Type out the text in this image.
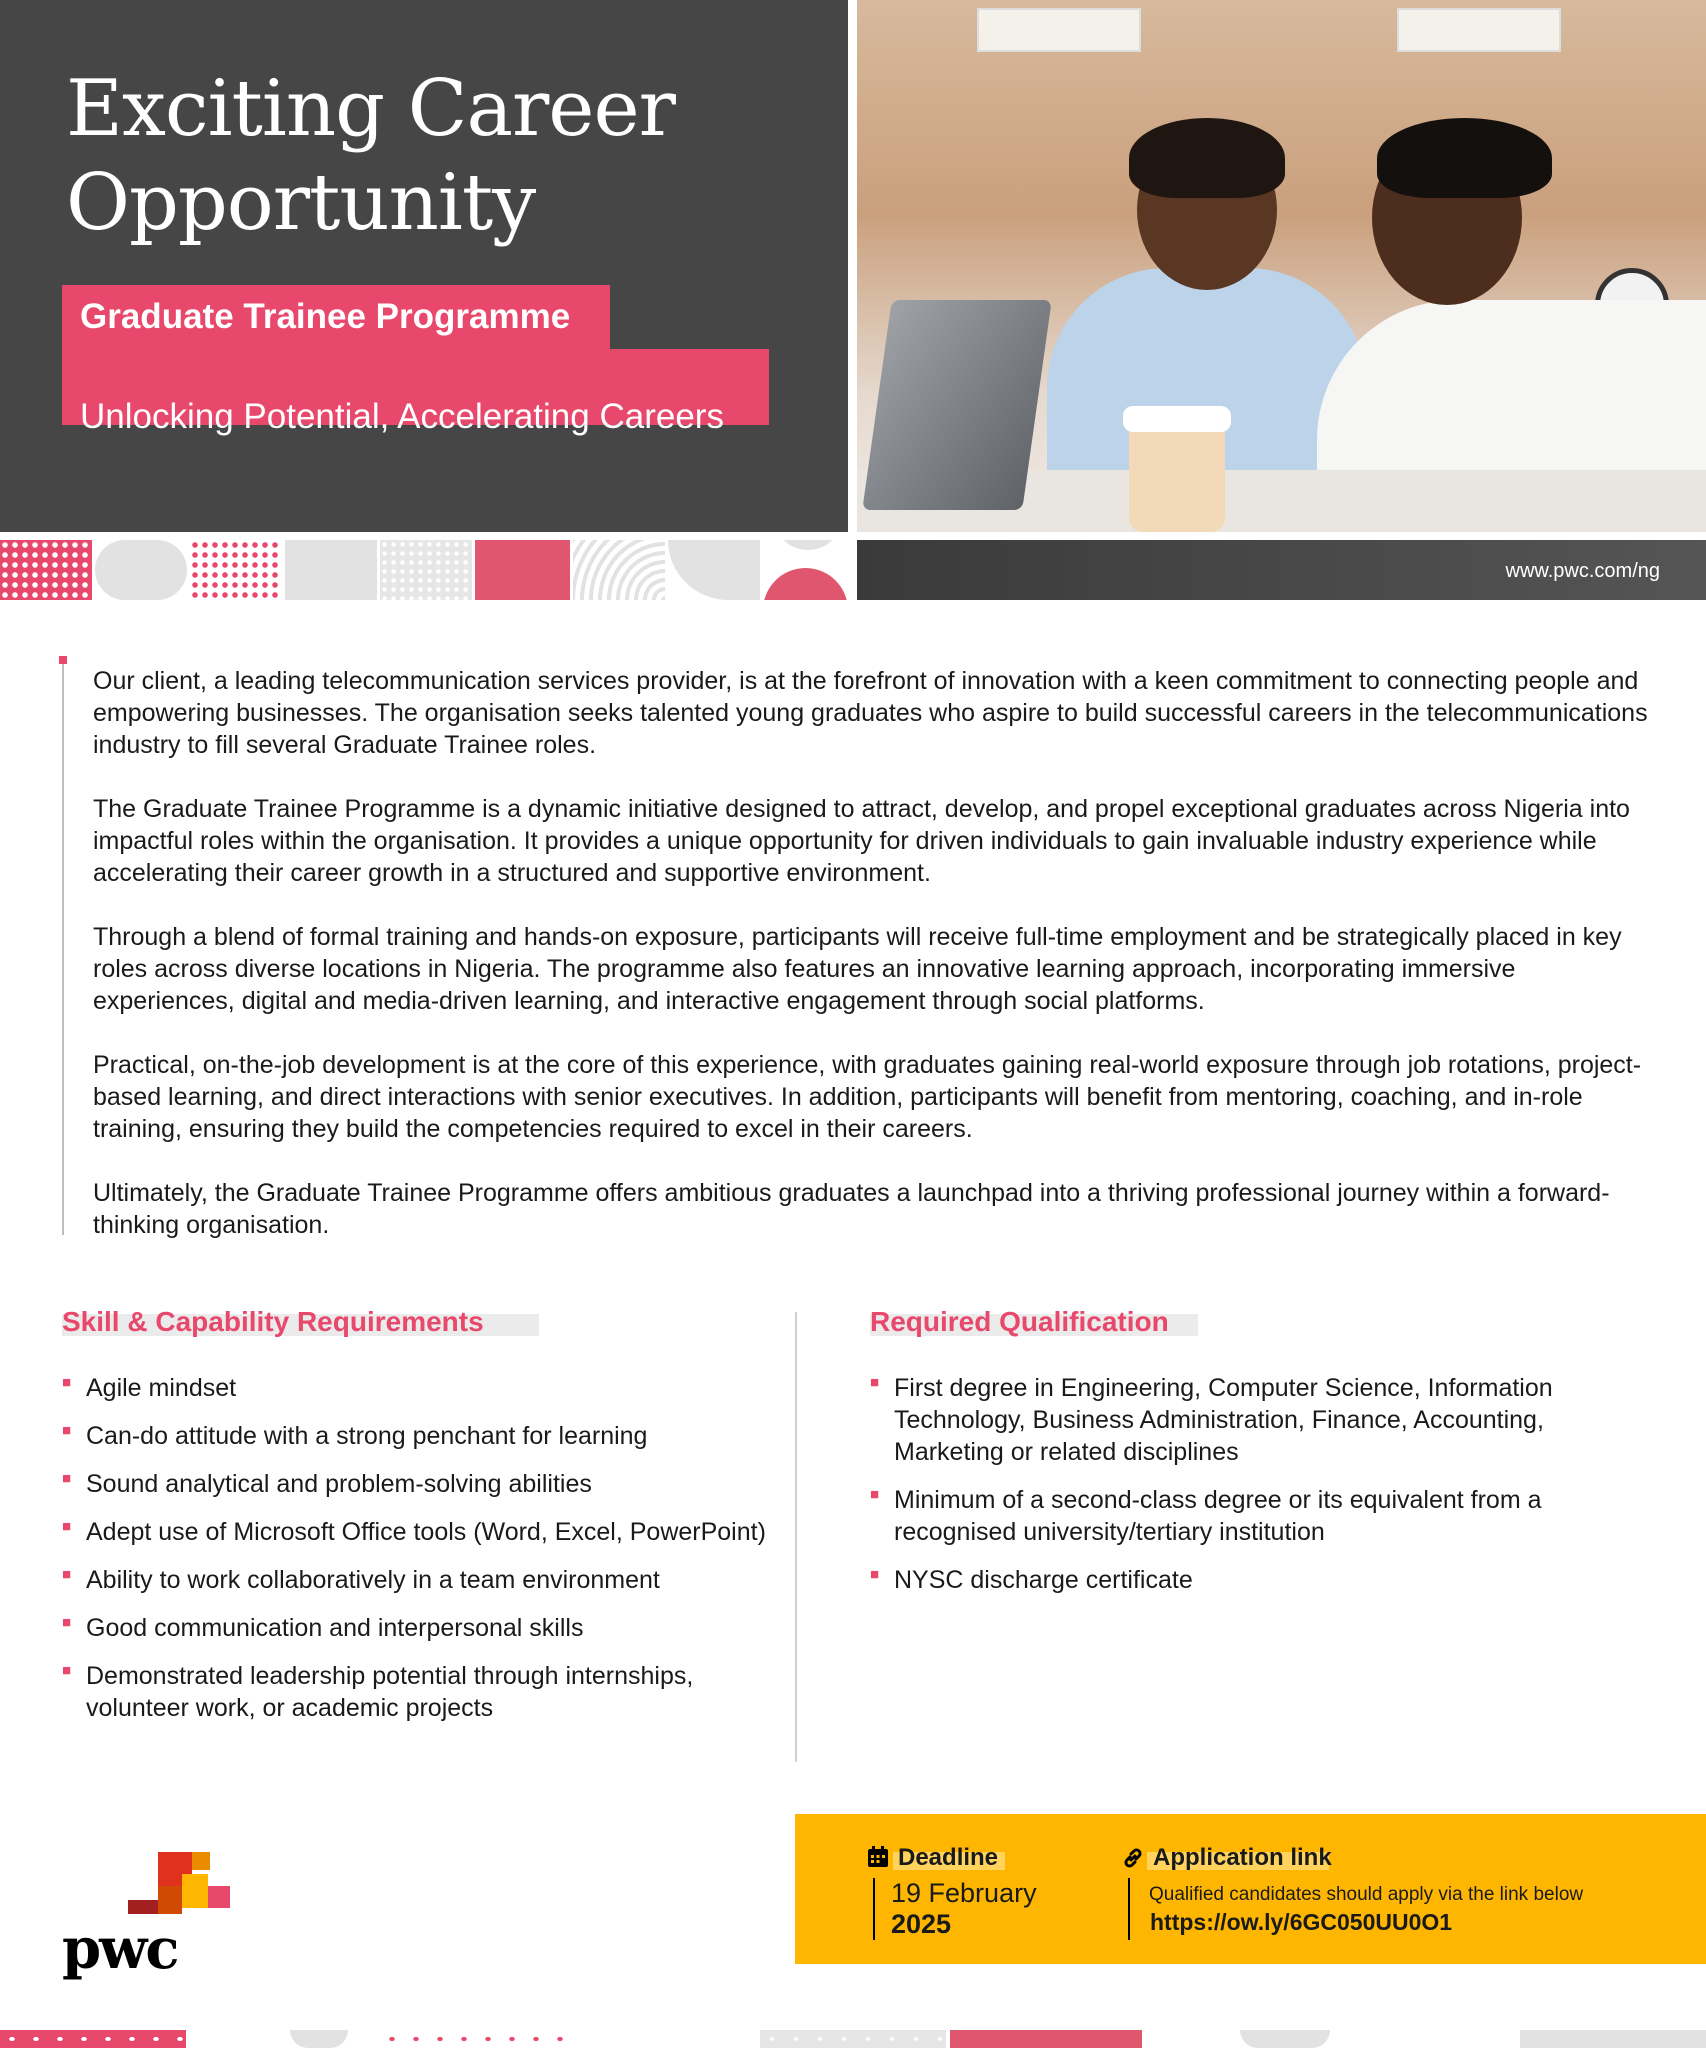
Exciting Career
Opportunity
Unlocking Potential, Accelerating Careers
Graduate Trainee Programme
www.pwc.com/ng

Our client, a leading telecommunication services provider, is at the forefront of innovation with a keen commitment to connecting people and empowering businesses. The organisation seeks talented young graduates who aspire to build successful careers in the telecommunications industry to fill several Graduate Trainee roles.

The Graduate Trainee Programme is a dynamic initiative designed to attract, develop, and propel exceptional graduates across Nigeria into impactful roles within the organisation. It provides a unique opportunity for driven individuals to gain invaluable industry experience while accelerating their career growth in a structured and supportive environment.

Through a blend of formal training and hands-on exposure, participants will receive full-time employment and be strategically placed in key roles across diverse locations in Nigeria. The programme also features an innovative learning approach, incorporating immersive experiences, digital and media-driven learning, and interactive engagement through social platforms.

Practical, on-the-job development is at the core of this experience, with graduates gaining real-world exposure through job rotations, project-based learning, and direct interactions with senior executives. In addition, participants will benefit from mentoring, coaching, and in-role training, ensuring they build the competencies required to excel in their careers.

Ultimately, the Graduate Trainee Programme offers ambitious graduates a launchpad into a thriving professional journey within a forward-thinking organisation.

Skill & Capability Requirements
■ Agile mindset
■ Can-do attitude with a strong penchant for learning
■ Sound analytical and problem-solving abilities
■ Adept use of Microsoft Office tools (Word, Excel, PowerPoint)
■ Ability to work collaboratively in a team environment
■ Good communication and interpersonal skills
■ Demonstrated leadership potential through internships, volunteer work, or academic projects
Required Qualification
■ First degree in Engineering, Computer Science, Information Technology, Business Administration, Finance, Accounting, Marketing or related disciplines
■ Minimum of a second-class degree or its equivalent from a recognised university/tertiary institution
■ NYSC discharge certificate
pwc
Deadline
19 February
2025
Application link
Qualified candidates should apply via the link below
https://ow.ly/6GC050UU0O1
